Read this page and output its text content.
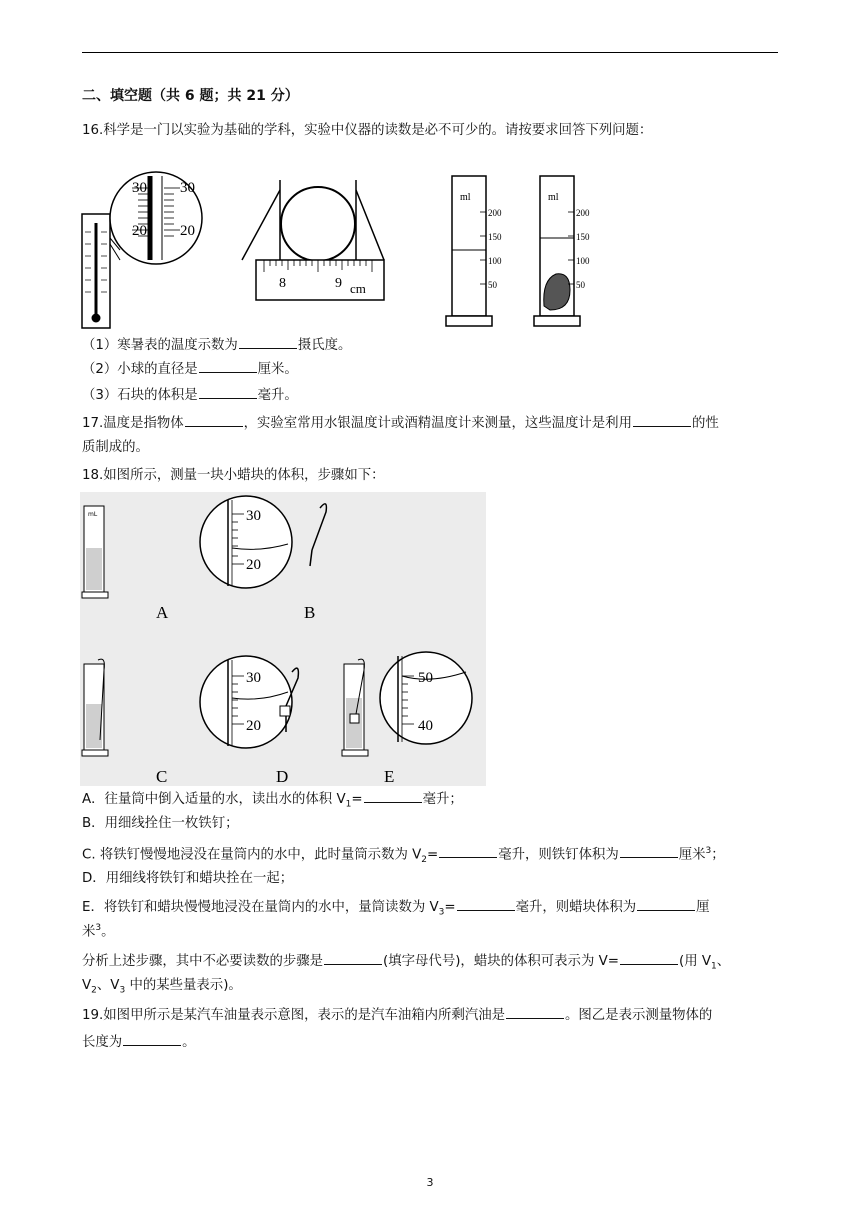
二、填空题（共 6 题；共 21 分）
16.科学是一门以实验为基础的学科，实验中仪器的读数是必不可少的。请按要求回答下列问题：
30 30
20 20
8	9 cm
ml
200
150
100
50
ml
200
150
100
50
（1）寒暑表的温度示数为	摄氏度。
（2）小球的直径是	厘米。
（3）石块的体积是	毫升。
17.温度是指物体	，实验室常用水银温度计或酒精温度计来测量，这些温度计是利用	的性
质制成的。
18.如图所示，测量一块小蜡块的体积，步骤如下：
mL	30
20
A	B
30
20
C	D
50
40
E
A．往量筒中倒入适量的水，读出水的体积 $V_1=$	毫升；
B．用细线拴住一枚铁钉；
C. 将铁钉慢慢地浸没在量筒内的水中，此时量筒示数为 $V_2=$	毫升，则铁钉体积为	厘米$^3$；
D．用细线将铁钉和蜡块拴在一起；
E．将铁钉和蜡块慢慢地浸没在量筒内的水中，量筒读数为 $V_3=$	毫升，则蜡块体积为	厘
米$^3$。
分析上述步骤，其中不必要读数的步骤是	(填字母代号)，蜡块的体积可表示为 V=	(用 $V_1$、
$V_2$、$V_3$ 中的某些量表示)。
19.如图甲所示是某汽车油量表示意图，表示的是汽车油箱内所剩汽油是	。图乙是表示测量物体的
长度为	。
3
